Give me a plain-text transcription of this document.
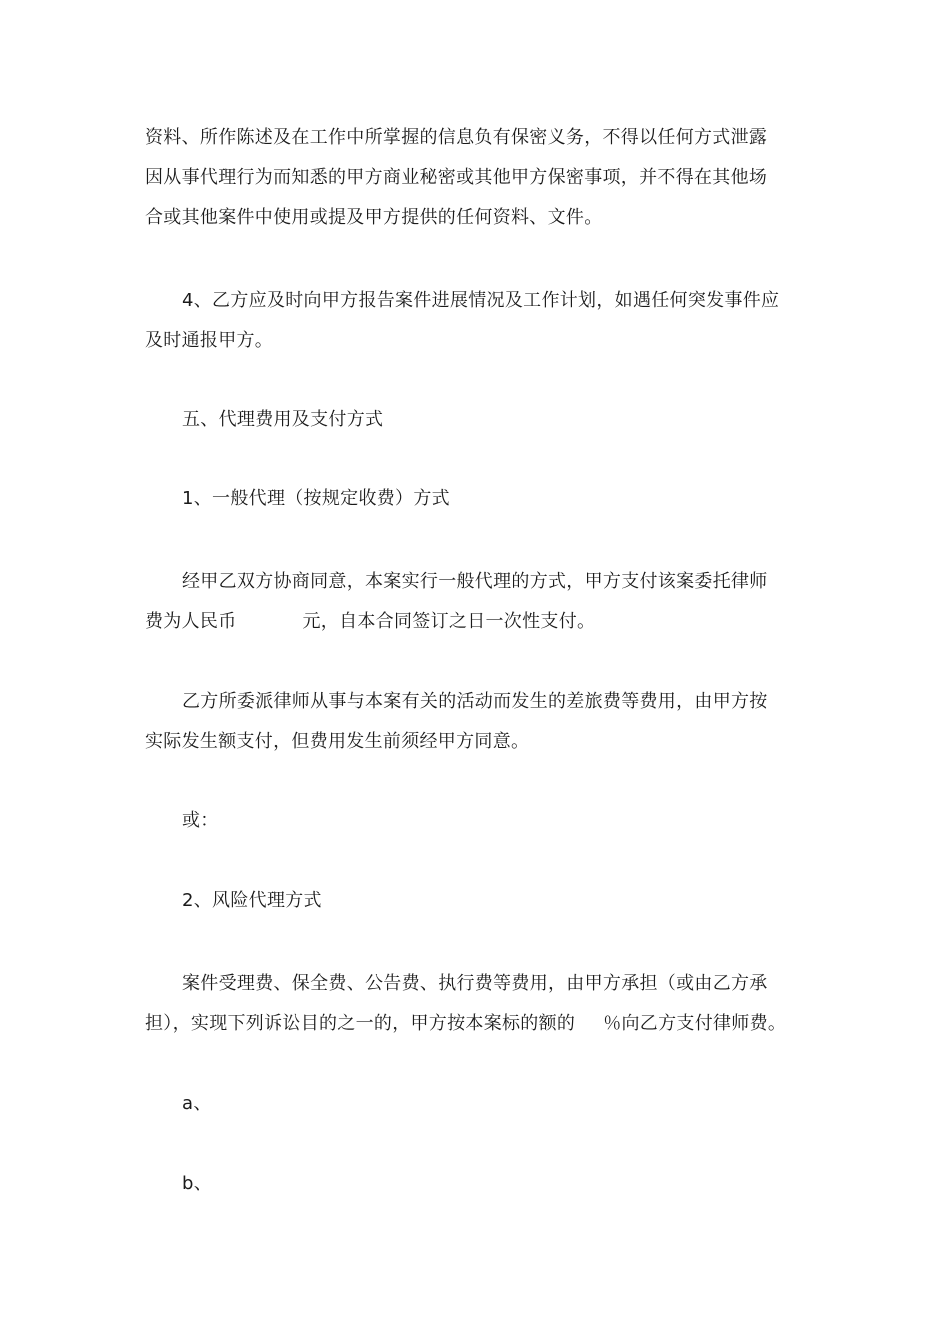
资料、所作陈述及在工作中所掌握的信息负有保密义务，不得以任何方式泄露
因从事代理行为而知悉的甲方商业秘密或其他甲方保密事项，并不得在其他场
合或其他案件中使用或提及甲方提供的任何资料、文件。
4、乙方应及时向甲方报告案件进展情况及工作计划，如遇任何突发事件应
及时通报甲方。
五、代理费用及支付方式
1、一般代理（按规定收费）方式
经甲乙双方协商同意，本案实行一般代理的方式，甲方支付该案委托律师
费为人民币	元，自本合同签订之日一次性支付。
乙方所委派律师从事与本案有关的活动而发生的差旅费等费用，由甲方按
实际发生额支付，但费用发生前须经甲方同意。
或：
2、风险代理方式
案件受理费、保全费、公告费、执行费等费用，由甲方承担（或由乙方承
担），实现下列诉讼目的之一的，甲方按本案标的额的 ％向乙方支付律师费。
a、
b、
